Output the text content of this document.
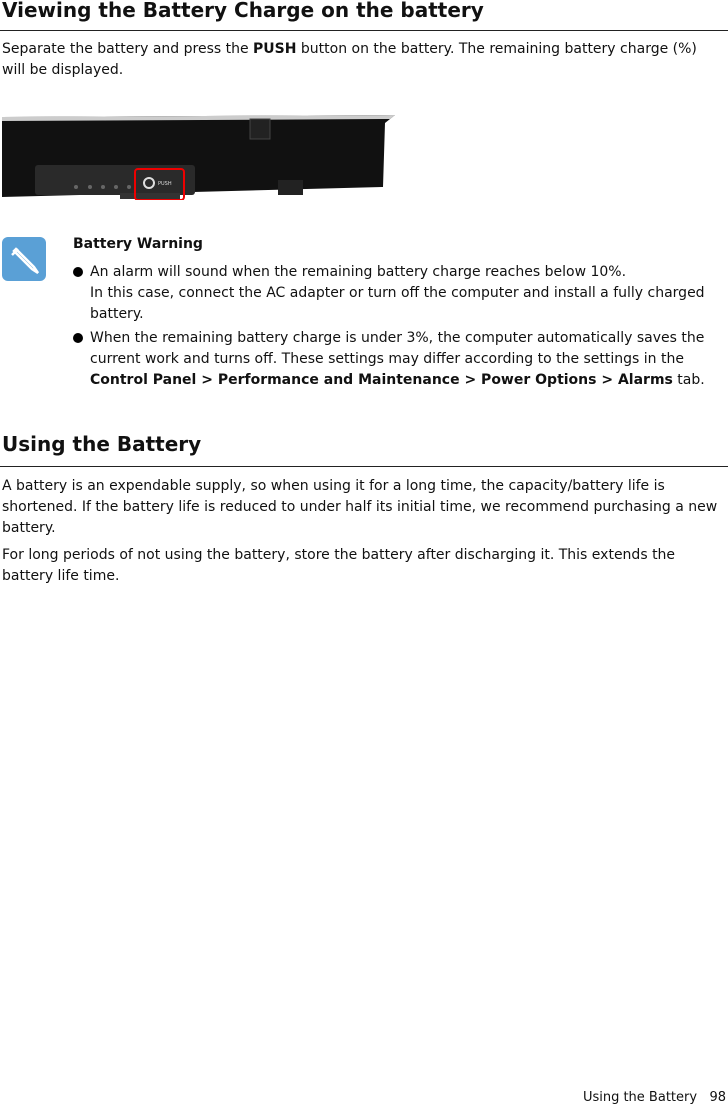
Viewing the Battery Charge on the battery

Separate the battery and press the PUSH button on the battery. The remaining battery charge (%) will be displayed.

PUSH
Battery Warning
An alarm will sound when the remaining battery charge reaches below 10%.
In this case, connect the AC adapter or turn off the computer and install a fully charged battery.
When the remaining battery charge is under 3%, the computer automatically saves the current work and turns off. These settings may differ according to the settings in the Control Panel > Performance and Maintenance > Power Options > Alarms tab.
Using the Battery

A battery is an expendable supply, so when using it for a long time, the capacity/battery life is shortened. If the battery life is reduced to under half its initial time, we recommend purchasing a new battery.

For long periods of not using the battery, store the battery after discharging it. This extends the battery life time.

Using the Battery 98
